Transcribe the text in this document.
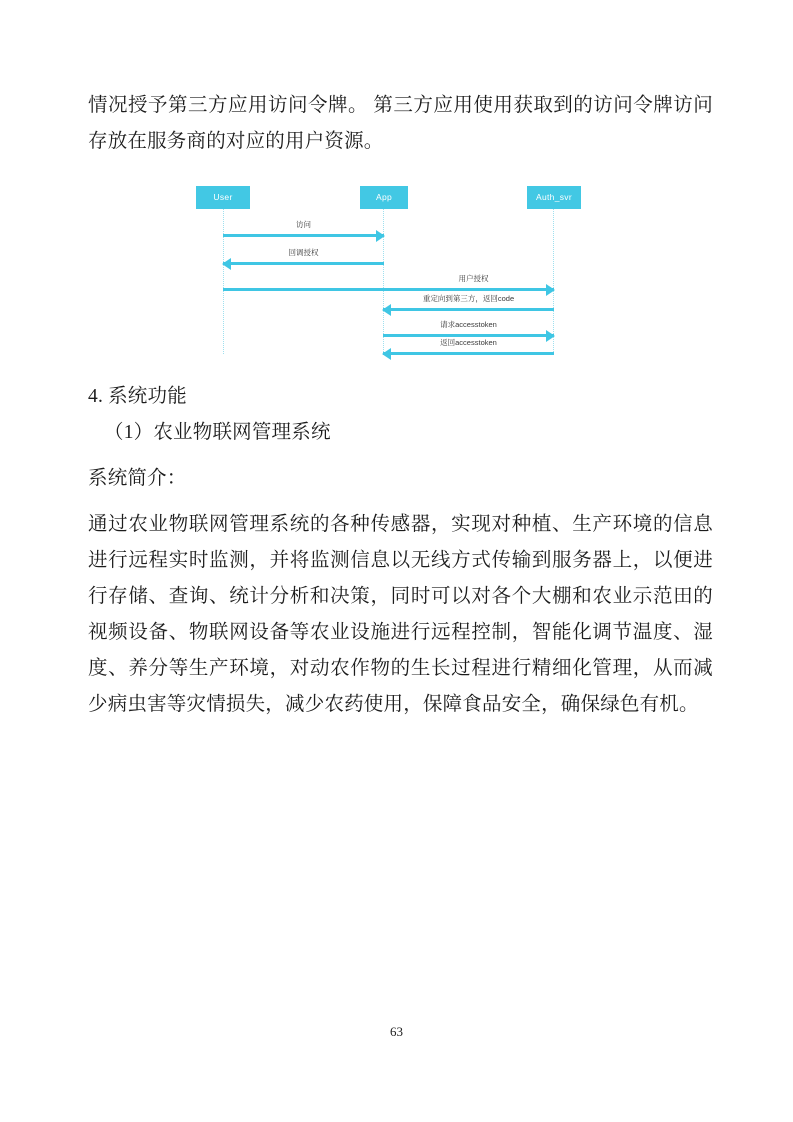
情况授予第三方应用访问令牌。 第三方应用使用获取到的访问令牌访问存放在服务商的对应的用户资源。

User	App	Auth_svr
访问
回调授权
用户授权
重定向到第三方，返回code
请求accesstoken
返回accesstoken

4. 系统功能

（1）农业物联网管理系统

系统简介：

通过农业物联网管理系统的各种传感器，实现对种植、生产环境的信息进行远程实时监测，并将监测信息以无线方式传输到服务器上，以便进行存储、查询、统计分析和决策，同时可以对各个大棚和农业示范田的视频设备、物联网设备等农业设施进行远程控制，智能化调节温度、湿度、养分等生产环境，对动农作物的生长过程进行精细化管理，从而减少病虫害等灾情损失，减少农药使用，保障食品安全，确保绿色有机。

63
